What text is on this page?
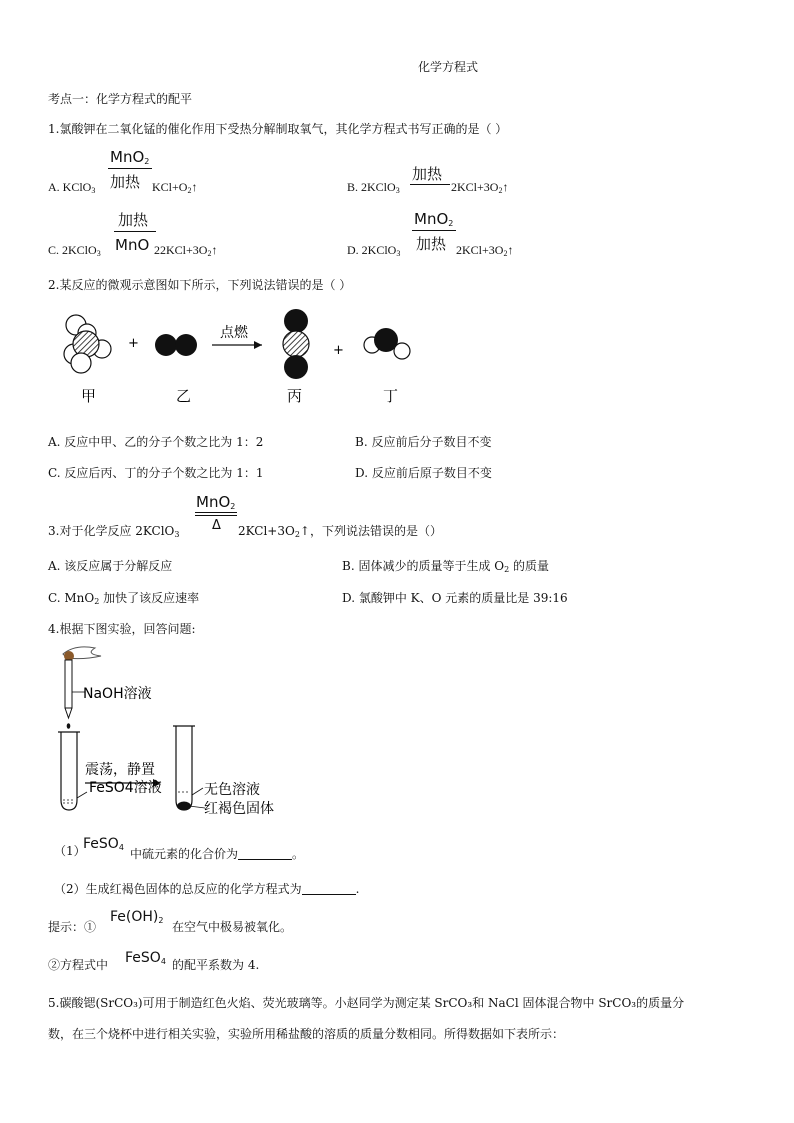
化学方程式
考点一：化学方程式的配平
1.氯酸钾在二氧化锰的催化作用下受热分解制取氧气，其化学方程式书写正确的是（ ）
MnO$_2$
A. KClO$_3$ 加热 $KCl+O_2↑$
加热
B. 2KClO$_3$	$2KCl+3O_2↑$
加热
C. 2KClO$_3$ MnO $22KCl+3O_2↑$
MnO$_2$
D. 2KClO$_3$
加热 $2KCl+3O_2↑$
2.某反应的微观示意图如下所示，下列说法错误的是（ ）
+
点燃
+
甲	乙	丙	丁
A. 反应中甲、乙的分子个数之比为 1：2	B. 反应前后分子数目不变
C. 反应后丙、丁的分子个数之比为 1：1	D. 反应前后原子数目不变
MnO$_2$
Δ
3.对于化学反应 2KClO$_3$	$2KCl+3O_2↑$，下列说法错误的是（）
A. 该反应属于分解反应	B. 固体减少的质量等于生成 $O_2$ 的质量
C. MnO$_2$ 加快了该反应速率	D. 氯酸钾中 K、O 元素的质量比是 39:16
4.根据下图实验，回答问题:
NaOH溶液
震荡，静置
FeSO4溶液	无色溶液
红褐色固体
（1）
FeSO$_4$ 中硫元素的化合价为	。
（2）生成红褐色固体的总反应的化学方程式为	.
提示：①
$Fe(OH)_2$ 在空气中极易被氧化。
②方程式中 FeSO$_4$ 的配平系数为 4.
5.碳酸锶(SrCO₃)可用于制造红色火焰、荧光玻璃等。小赵同学为测定某 SrCO₃和 NaCl 固体混合物中 SrCO₃的质量分
数，在三个烧杯中进行相关实验，实验所用稀盐酸的溶质的质量分数相同。所得数据如下表所示：
